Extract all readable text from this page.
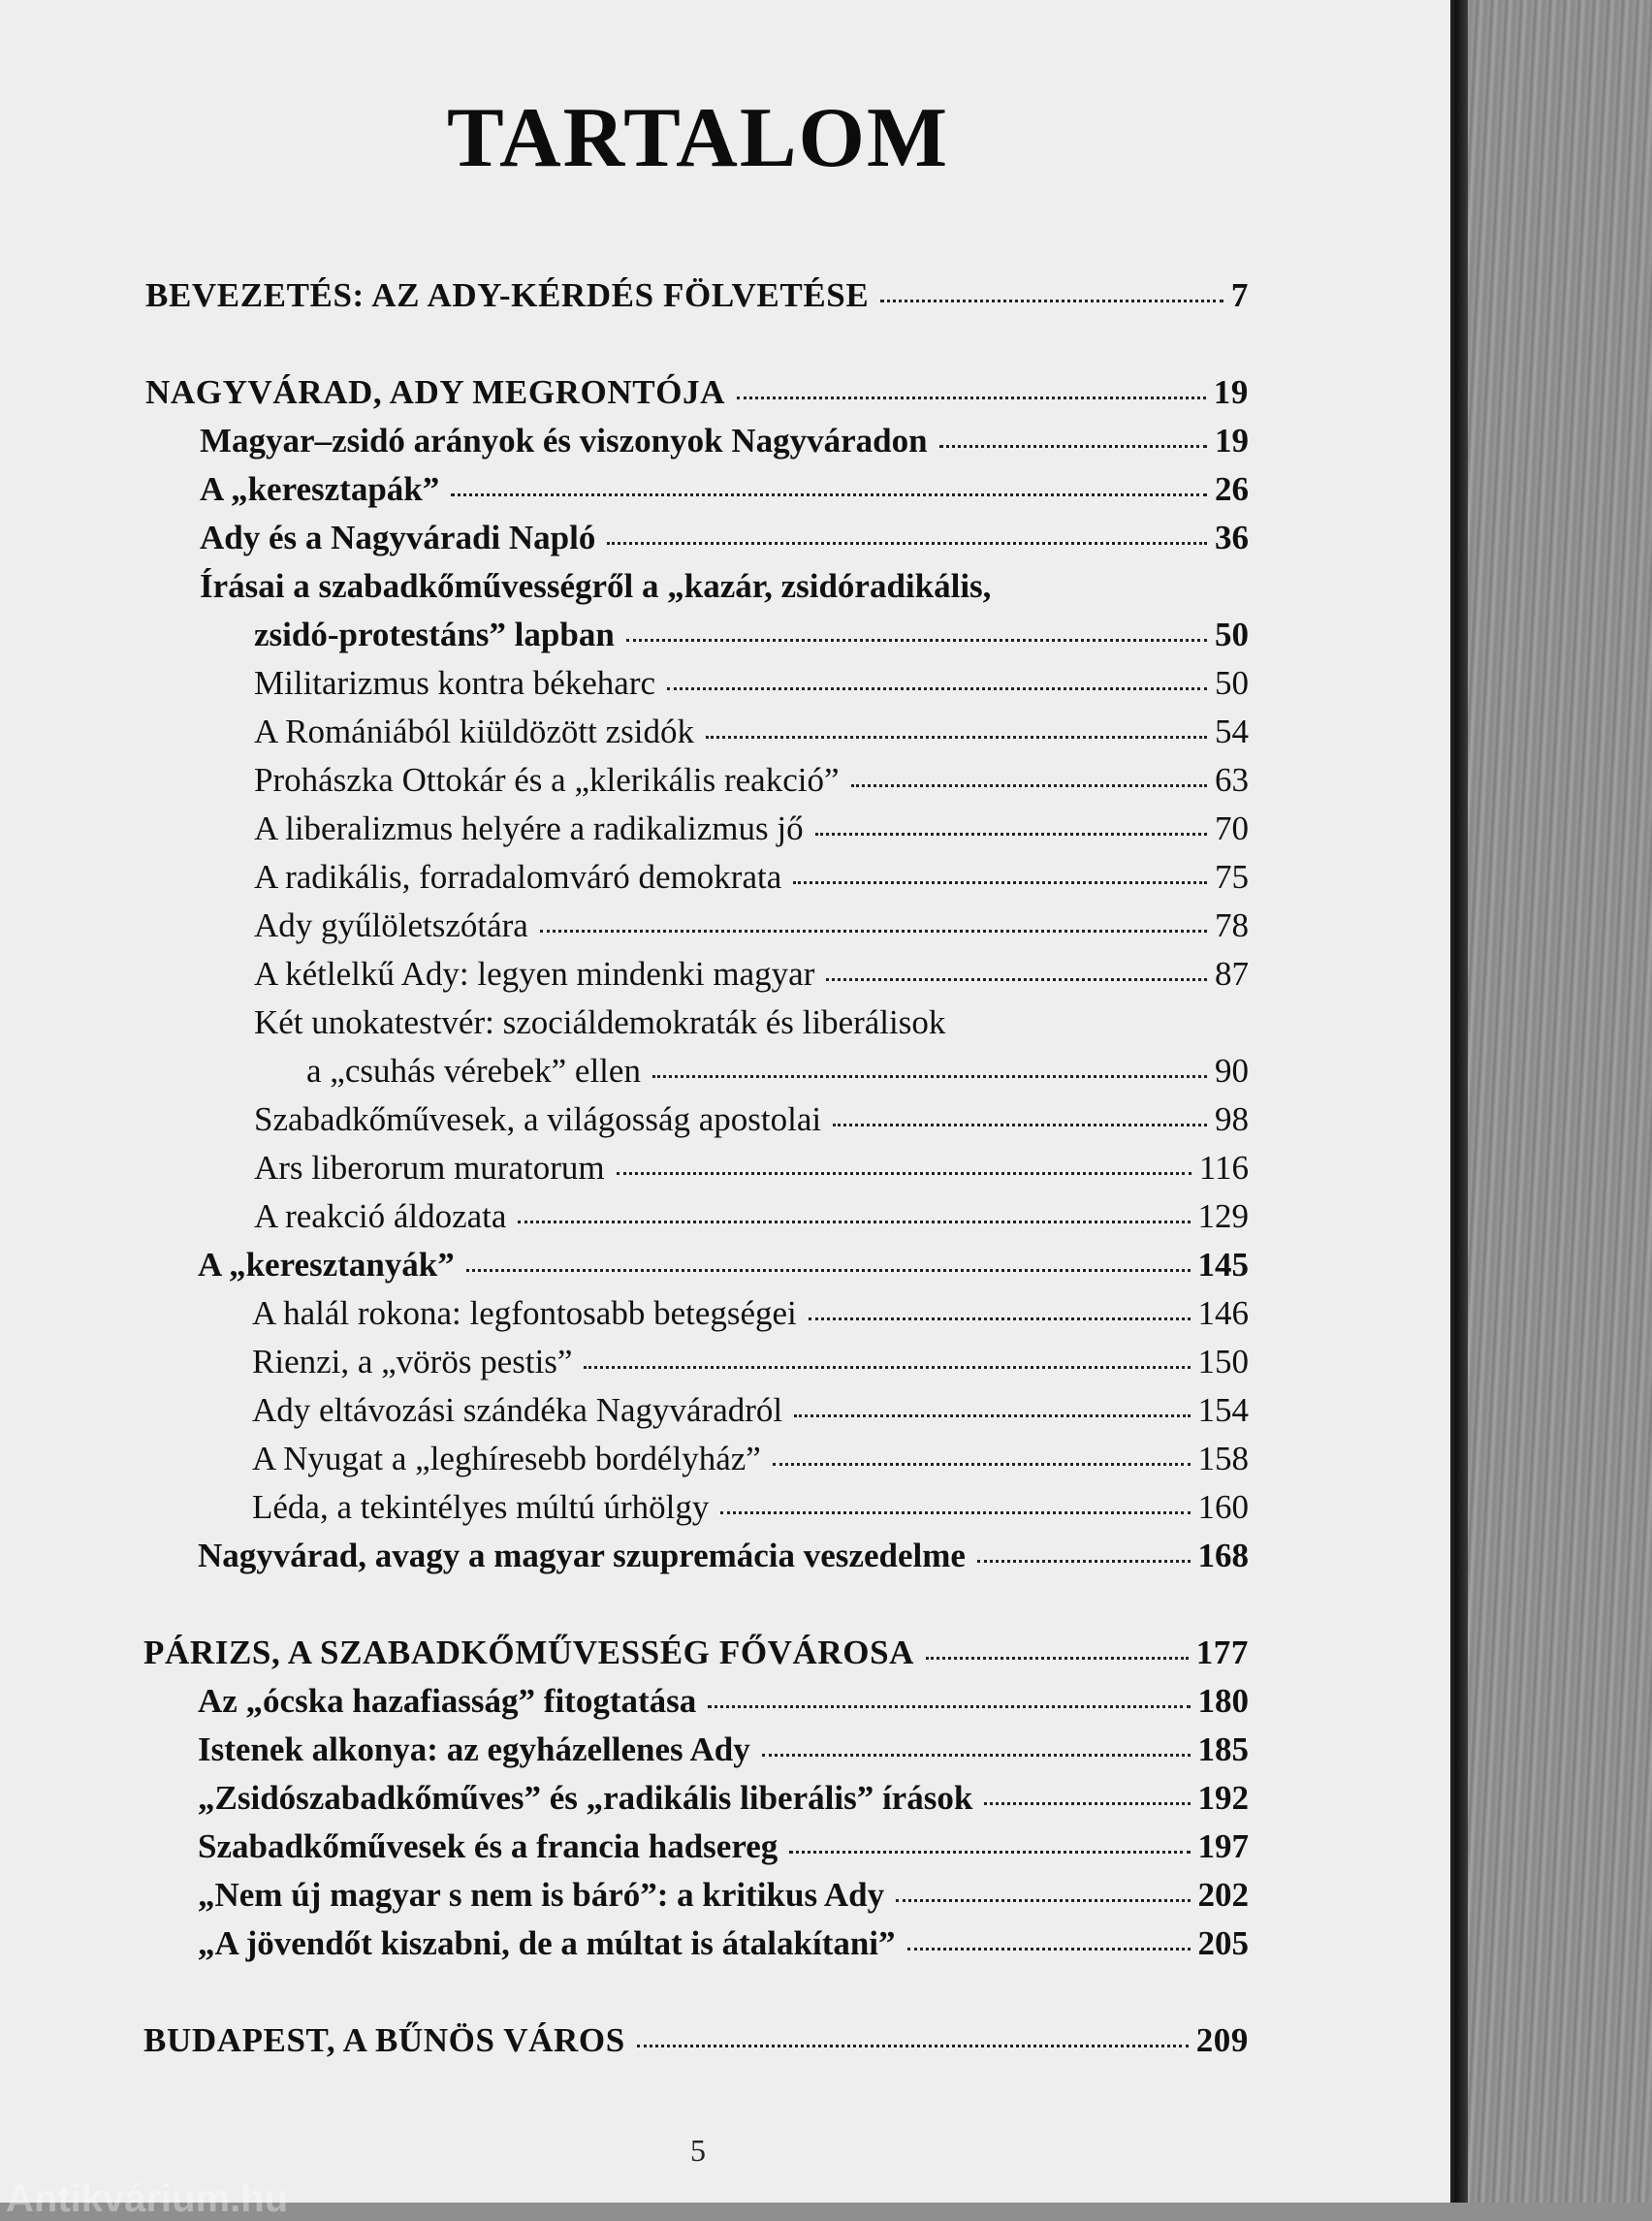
TARTALOM
BEVEZETÉS: AZ ADY-KÉRDÉS FÖLVETÉSE	7
NAGYVÁRAD, ADY MEGRONTÓJA	19
Magyar–zsidó arányok és viszonyok Nagyváradon	19
A „keresztapák”	26
Ady és a Nagyváradi Napló	36
Írásai a szabadkőművességről a „kazár, zsidóradikális,
zsidó-protestáns” lapban	50
Militarizmus kontra békeharc	50
A Romániából kiüldözött zsidók	54
Prohászka Ottokár és a „klerikális reakció”	63
A liberalizmus helyére a radikalizmus jő	70
A radikális, forradalomváró demokrata	75
Ady gyűlöletszótára	78
A kétlelkű Ady: legyen mindenki magyar	87
Két unokatestvér: szociáldemokraták és liberálisok
a „csuhás vérebek” ellen	90
Szabadkőművesek, a világosság apostolai	98
Ars liberorum muratorum	116
A reakció áldozata	129
A „keresztanyák”	145
A halál rokona: legfontosabb betegségei	146
Rienzi, a „vörös pestis”	150
Ady eltávozási szándéka Nagyváradról	154
A Nyugat a „leghíresebb bordélyház”	158
Léda, a tekintélyes múltú úrhölgy	160
Nagyvárad, avagy a magyar szupremácia veszedelme	168
PÁRIZS, A SZABADKŐMŰVESSÉG FŐVÁROSA	177
Az „ócska hazafiasság” fitogtatása	180
Istenek alkonya: az egyházellenes Ady	185
„Zsidószabadkőműves” és „radikális liberális” írások	192
Szabadkőművesek és a francia hadsereg	197
„Nem új magyar s nem is báró”: a kritikus Ady	202
„A jövendőt kiszabni, de a múltat is átalakítani”	205
BUDAPEST, A BŰNÖS VÁROS	209
5
Antikvárium.hu
